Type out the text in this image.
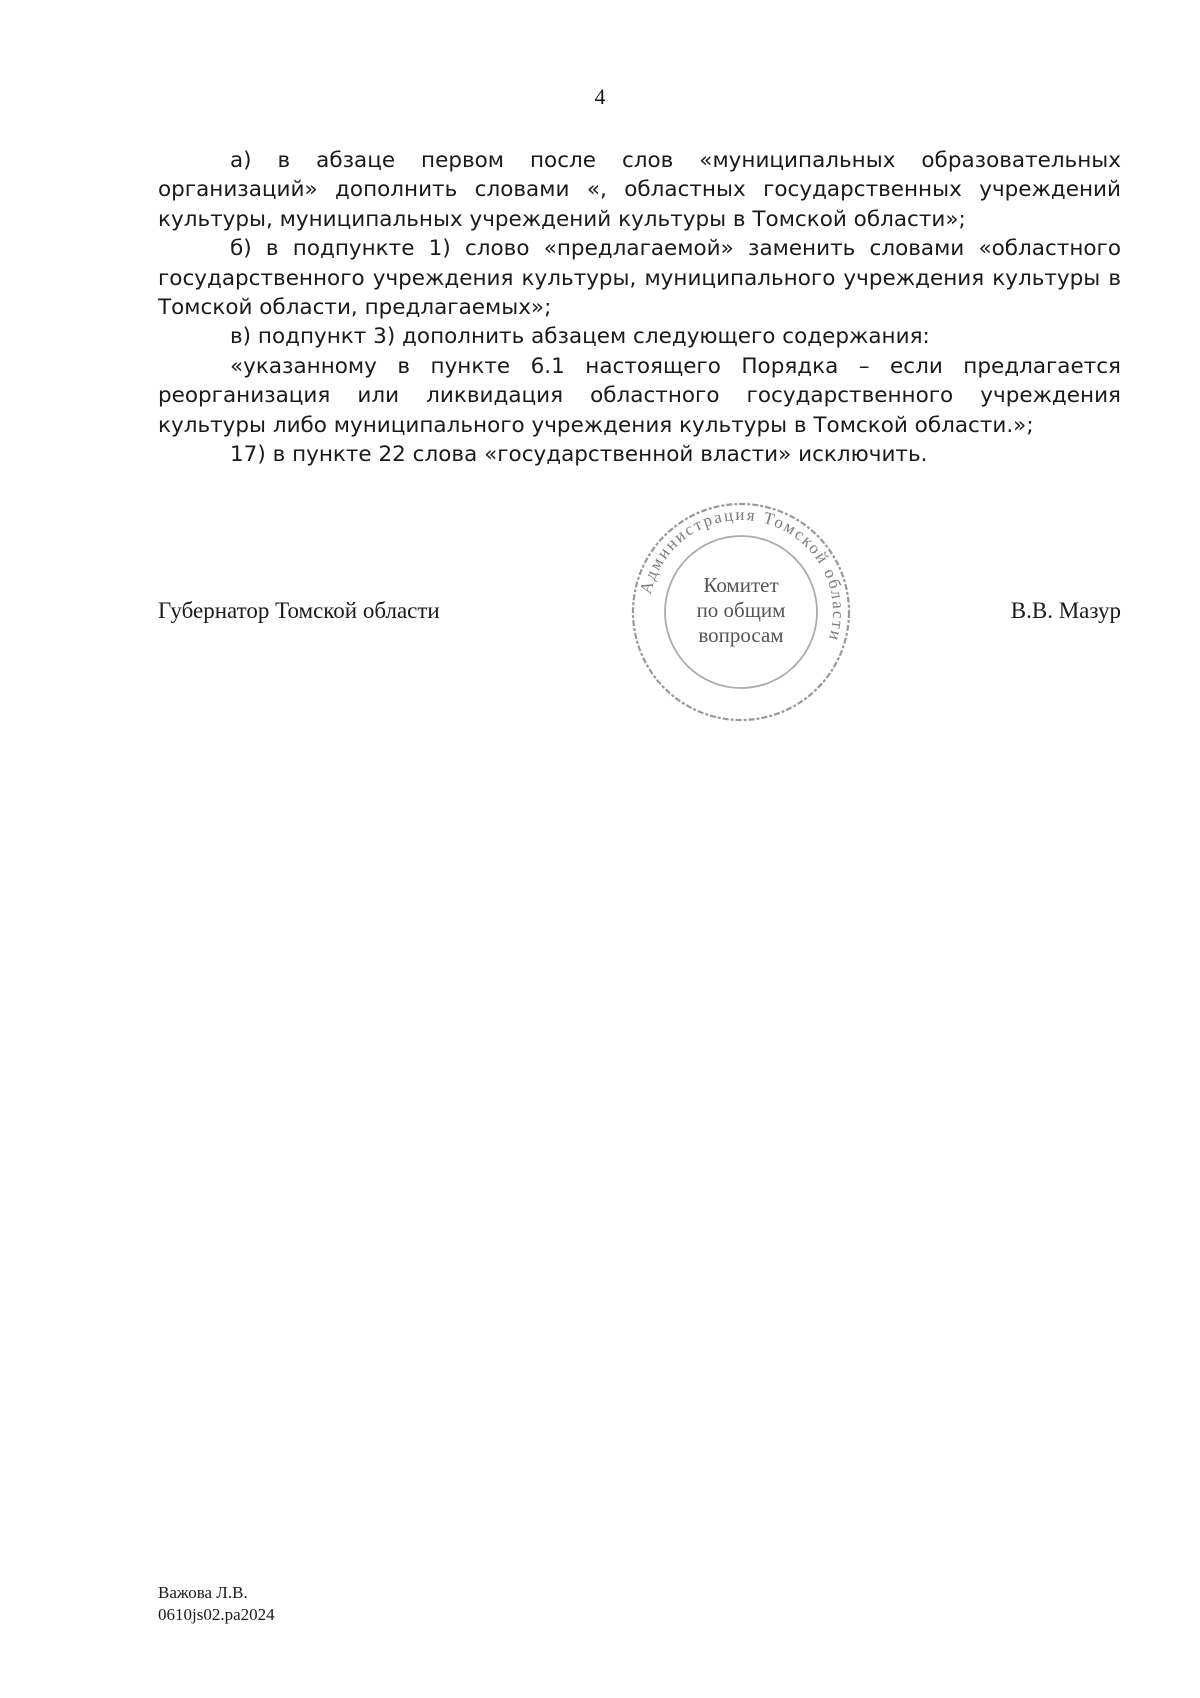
4

а) в абзаце первом после слов «муниципальных образовательных организаций» дополнить словами «, областных государственных учреждений культуры, муниципальных учреждений культуры в Томской области»;

б) в подпункте 1) слово «предлагаемой» заменить словами «областного государственного учреждения культуры, муниципального учреждения культуры в Томской области, предлагаемых»;

в) подпункт 3) дополнить абзацем следующего содержания:

«указанному в пункте 6.1 настоящего Порядка – если предлагается реорганизация или ликвидация областного государственного учреждения культуры либо муниципального учреждения культуры в Томской области.»;

17) в пункте 22 слова «государственной власти» исключить.

Губернатор Томской области	В.В. Мазур
Администрация Томской области
Комитет
по общим
вопросам
Важова Л.В.
0610js02.ра2024
